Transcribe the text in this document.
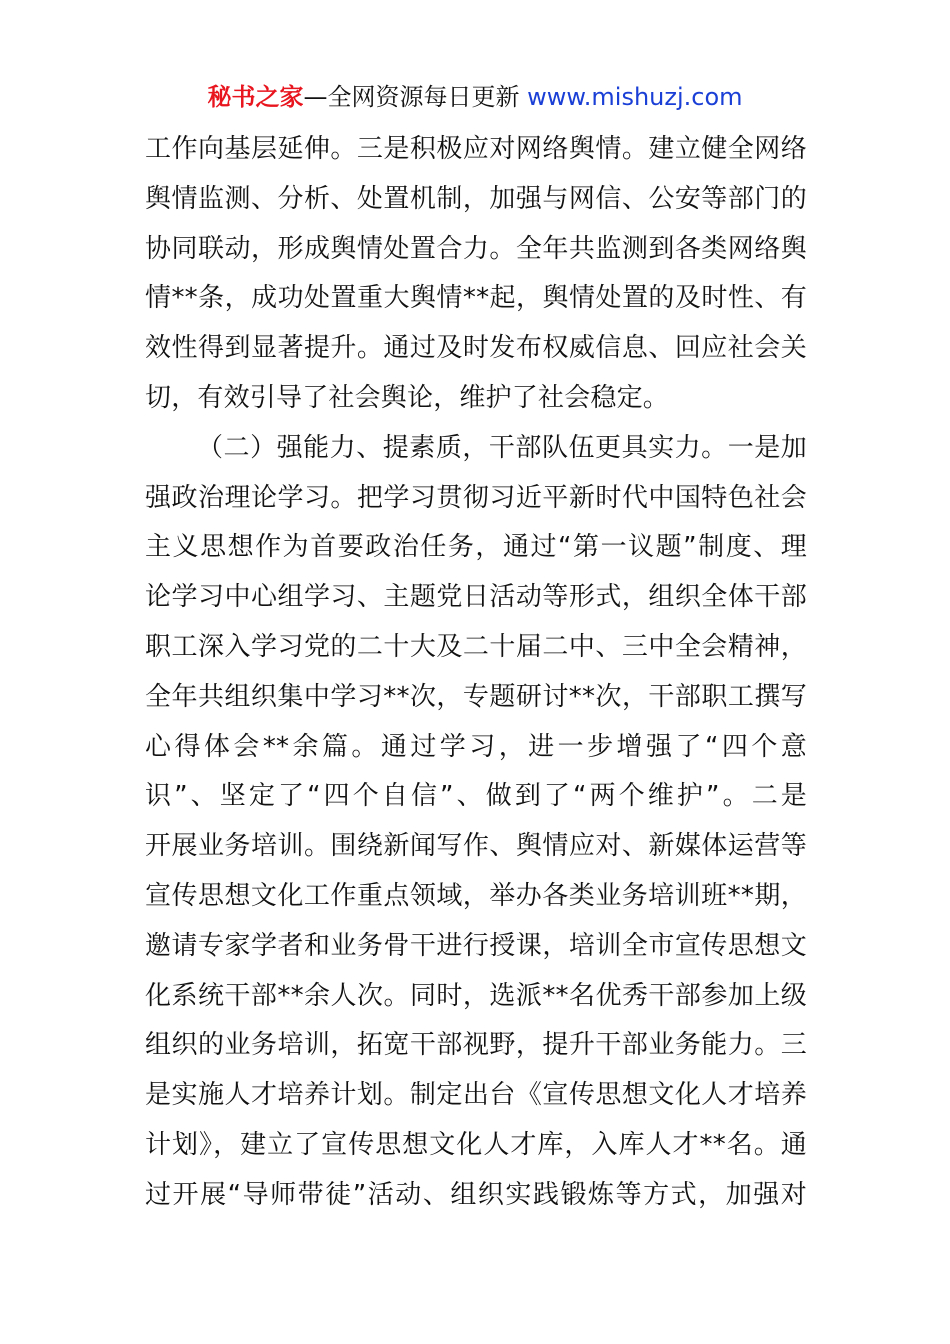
秘书之家—全网资源每日更新 www.mishuzj.com
工作向基层延伸。三是积极应对网络舆情。建立健全网络
舆情监测、分析、处置机制，加强与网信、公安等部门的
协同联动，形成舆情处置合力。全年共监测到各类网络舆
情**条，成功处置重大舆情**起，舆情处置的及时性、有
效性得到显著提升。通过及时发布权威信息、回应社会关
切，有效引导了社会舆论，维护了社会稳定。
（二）强能力、提素质，干部队伍更具实力。一是加
强政治理论学习。把学习贯彻习近平新时代中国特色社会
主义思想作为首要政治任务，通过“第一议题”制度、理
论学习中心组学习、主题党日活动等形式，组织全体干部
职工深入学习党的二十大及二十届二中、三中全会精神，
全年共组织集中学习**次，专题研讨**次，干部职工撰写
心得体会**余篇。通过学习，进一步增强了“四个意
识”、坚定了“四个自信”、做到了“两个维护”。二是
开展业务培训。围绕新闻写作、舆情应对、新媒体运营等
宣传思想文化工作重点领域，举办各类业务培训班**期，
邀请专家学者和业务骨干进行授课，培训全市宣传思想文
化系统干部**余人次。同时，选派**名优秀干部参加上级
组织的业务培训，拓宽干部视野，提升干部业务能力。三
是实施人才培养计划。制定出台《宣传思想文化人才培养
计划》，建立了宣传思想文化人才库，入库人才**名。通
过开展“导师带徒”活动、组织实践锻炼等方式，加强对
